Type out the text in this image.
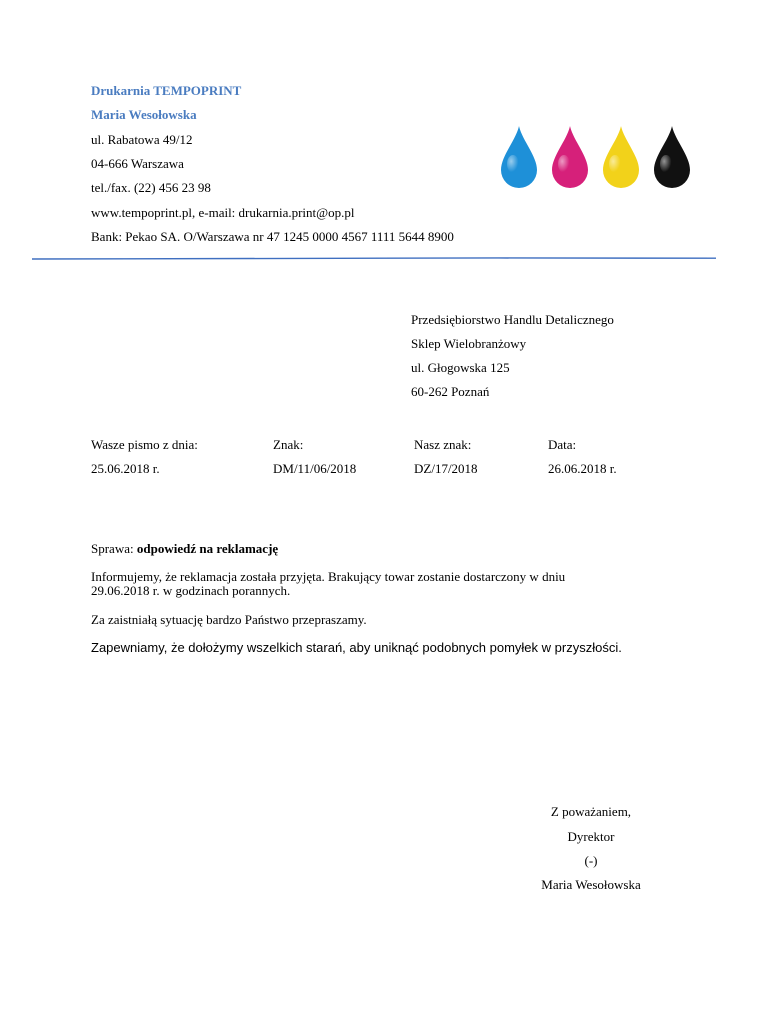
Drukarnia TEMPOPRINT
Maria Wesołowska
ul. Rabatowa 49/12
04-666 Warszawa
tel./fax. (22) 456 23 98
www.tempoprint.pl, e-mail: drukarnia.print@op.pl
Bank: Pekao SA. O/Warszawa nr 47 1245 0000 4567 1111 5644 8900
Przedsiębiorstwo Handlu Detalicznego
Sklep Wielobranżowy
ul. Głogowska 125
60-262 Poznań
Wasze pismo z dnia:	Znak:	Nasz znak:	Data:
25.06.2018 r.	DM/11/06/2018	DZ/17/2018	26.06.2018 r.
Sprawa: odpowiedź na reklamację
Informujemy, że reklamacja została przyjęta. Brakujący towar zostanie dostarczony w dniu
29.06.2018 r. w godzinach porannych.
Za zaistniałą sytuację bardzo Państwo przepraszamy.
Zapewniamy, że dołożymy wszelkich starań, aby uniknąć podobnych pomyłek w przyszłości.
Z poważaniem,
Dyrektor
(-)
Maria Wesołowska
